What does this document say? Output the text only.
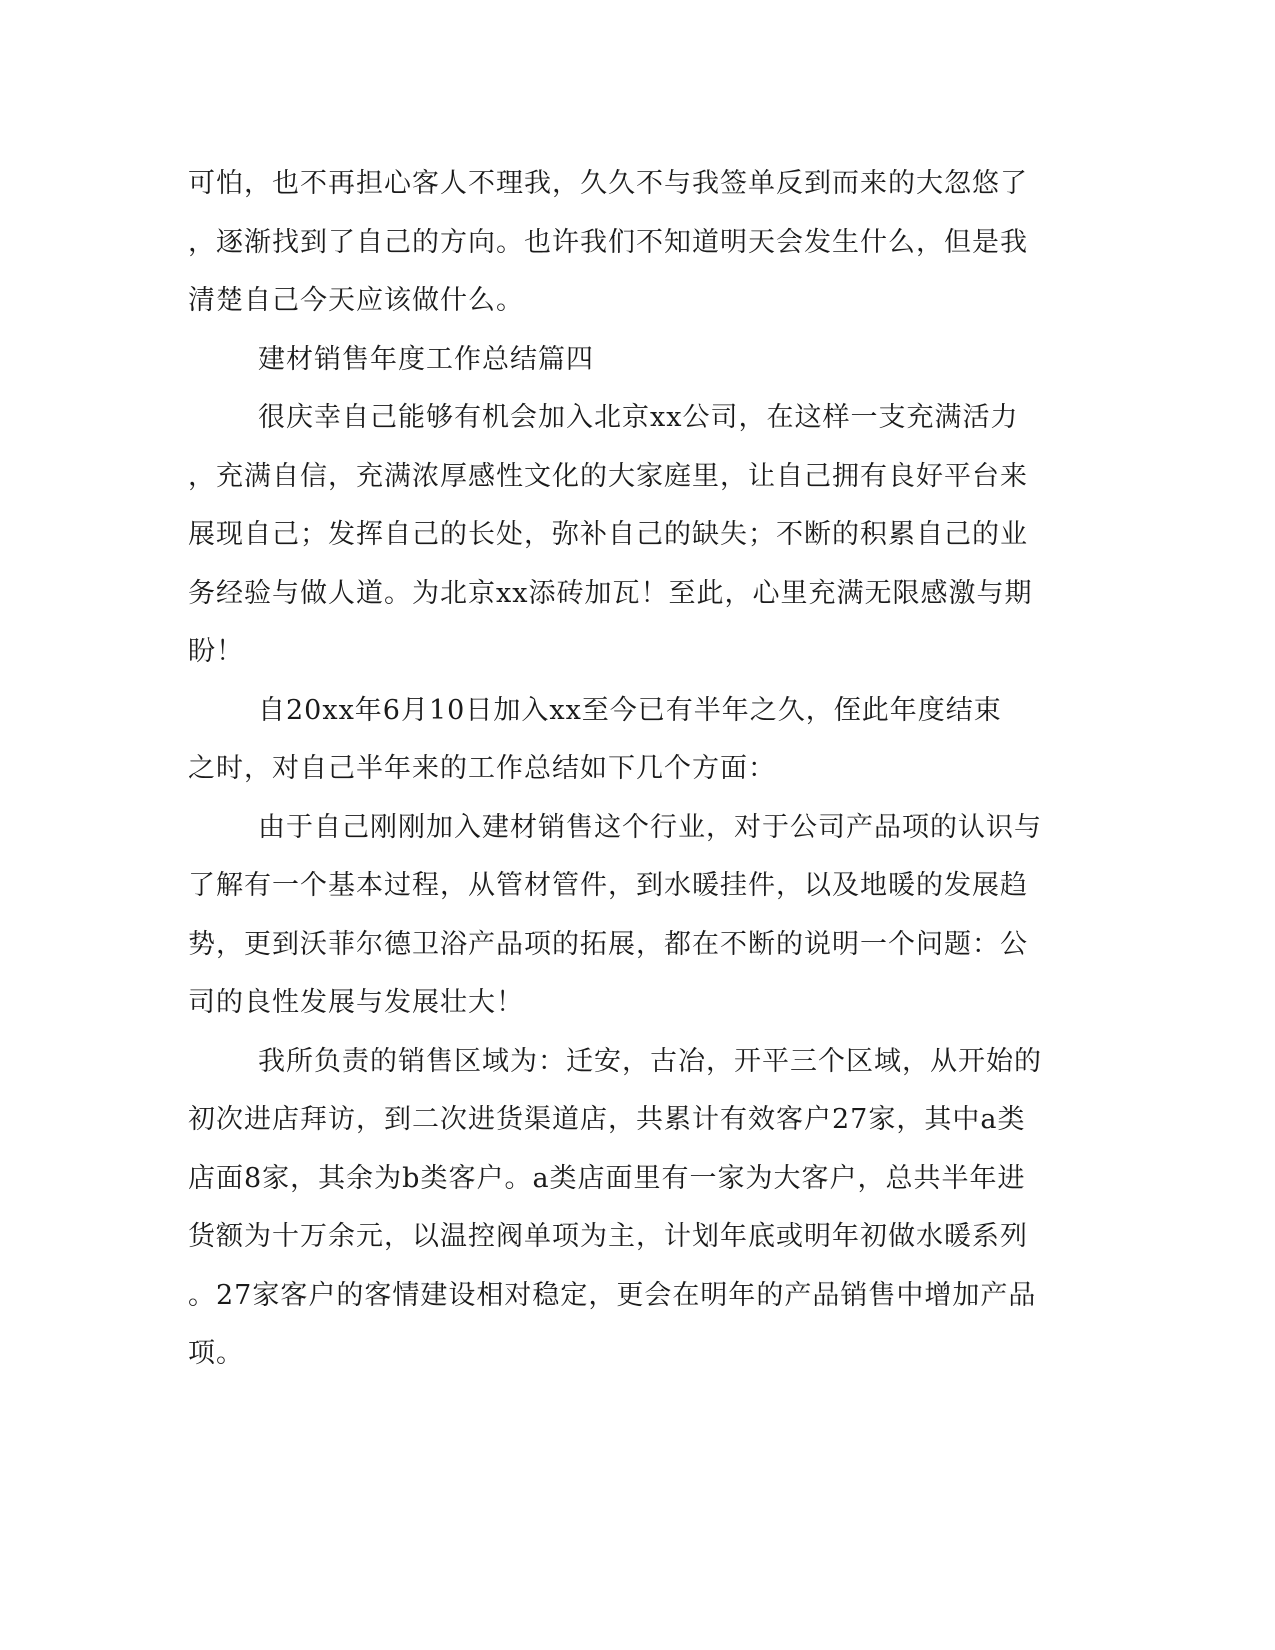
可怕，也不再担心客人不理我，久久不与我签单反到而来的大忽悠了
，逐渐找到了自己的方向。也许我们不知道明天会发生什么，但是我
清楚自己今天应该做什么。
建材销售年度工作总结篇四
很庆幸自己能够有机会加入北京xx公司，在这样一支充满活力
，充满自信，充满浓厚感性文化的大家庭里，让自己拥有良好平台来
展现自己；发挥自己的长处，弥补自己的缺失；不断的积累自己的业
务经验与做人道。为北京xx添砖加瓦！至此，心里充满无限感激与期
盼！
自20xx年6月10日加入xx至今已有半年之久，侄此年度结束
之时，对自己半年来的工作总结如下几个方面：
由于自己刚刚加入建材销售这个行业，对于公司产品项的认识与
了解有一个基本过程，从管材管件，到水暖挂件，以及地暖的发展趋
势，更到沃菲尔德卫浴产品项的拓展，都在不断的说明一个问题：公
司的良性发展与发展壮大！
我所负责的销售区域为：迁安，古冶，开平三个区域，从开始的
初次进店拜访，到二次进货渠道店，共累计有效客户27家，其中a类
店面8家，其余为b类客户。a类店面里有一家为大客户，总共半年进
货额为十万余元，以温控阀单项为主，计划年底或明年初做水暖系列
。27家客户的客情建设相对稳定，更会在明年的产品销售中增加产品
项。
